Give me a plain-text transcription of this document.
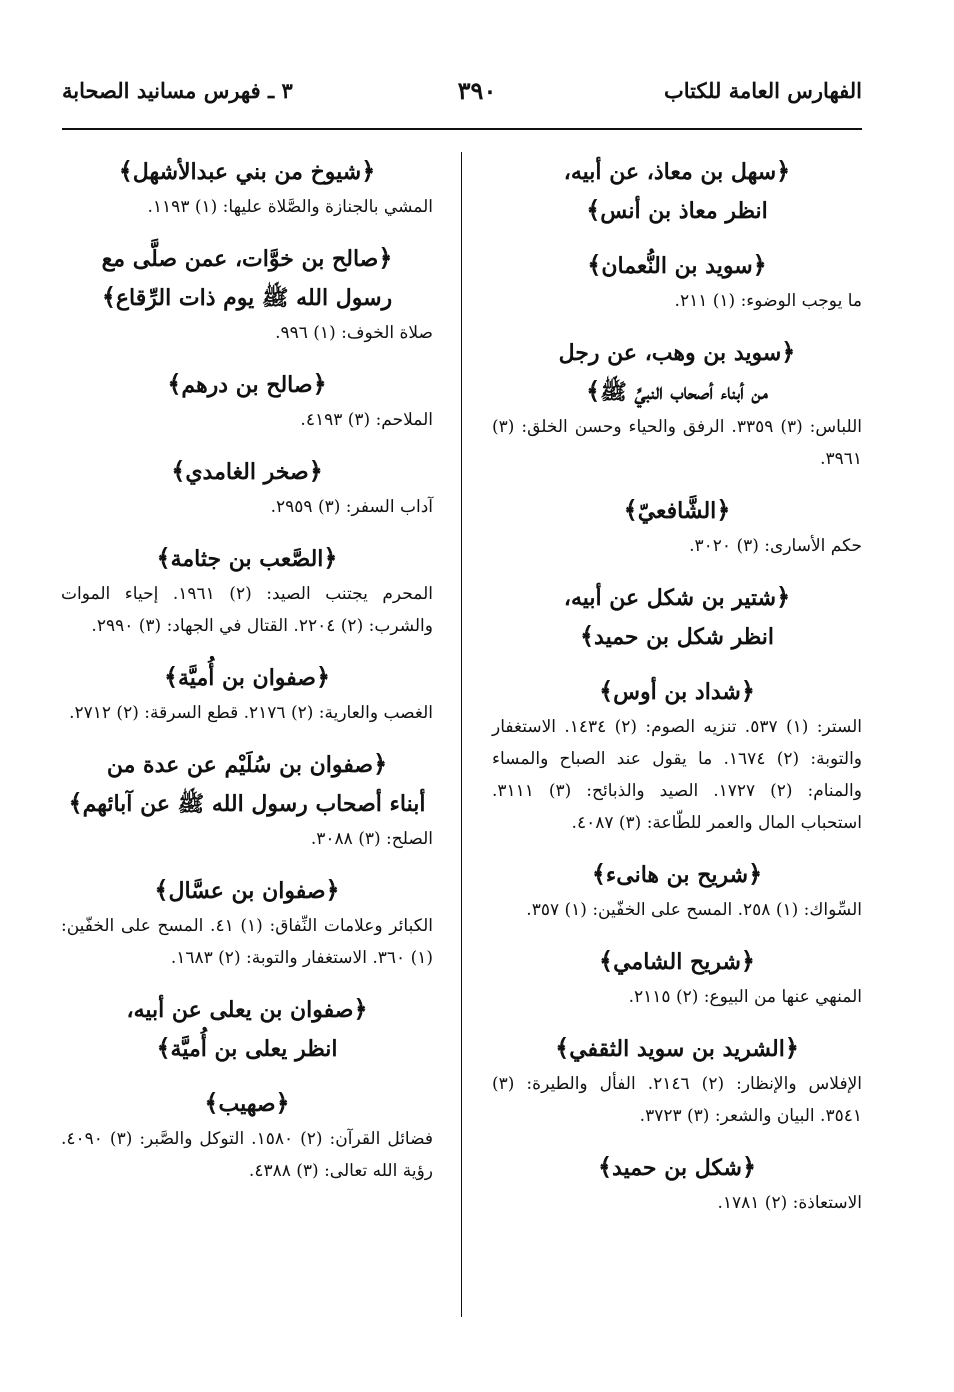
الفهارس العامة للكتاب
٣٩٠
٣ ـ فهرس مسانيد الصحابة
﴿سهل بن معاذ، عن أبيه،
انظر معاذ بن أنس﴾
﴿سويد بن النُّعمان﴾
ما يوجب الوضوء: (١) ٢١١.
﴿سويد بن وهب، عن رجل
من أبناء أصحاب النبيِّ ﷺ﴾
اللباس: (٣) ٣٣٥٩. الرفق والحياء وحسن الخلق: (٣) ٣٩٦١.
﴿الشَّافعيّ﴾
حكم الأسارى: (٣) ٣٠٢٠.
﴿شتير بن شكل عن أبيه،
انظر شكل بن حميد﴾
﴿شداد بن أوس﴾
الستر: (١) ٥٣٧. تنزيه الصوم: (٢) ١٤٣٤. الاستغفار والتوبة: (٢) ١٦٧٤. ما يقول عند الصباح والمساء والمنام: (٢) ١٧٢٧. الصيد والذبائح: (٣) ٣١١١. استحباب المال والعمر للطّاعة: (٣) ٤٠٨٧.
﴿شريح بن هانىء﴾
السِّواك: (١) ٢٥٨. المسح على الخفّين: (١) ٣٥٧.
﴿شريح الشامي﴾
المنهي عنها من البيوع: (٢) ٢١١٥.
﴿الشريد بن سويد الثقفي﴾
الإفلاس والإنظار: (٢) ٢١٤٦. الفأل والطيرة: (٣) ٣٥٤١. البيان والشعر: (٣) ٣٧٢٣.
﴿شكل بن حميد﴾
الاستعاذة: (٢) ١٧٨١.
﴿شيوخ من بني عبدالأشهل﴾
المشي بالجنازة والصَّلاة عليها: (١) ١١٩٣.
﴿صالح بن خوَّات، عمن صلَّى مع
رسول الله ﷺ يوم ذات الرِّقاع﴾
صلاة الخوف: (١) ٩٩٦.
﴿صالح بن درهم﴾
الملاحم: (٣) ٤١٩٣.
﴿صخر الغامدي﴾
آداب السفر: (٣) ٢٩٥٩.
﴿الصَّعب بن جثامة﴾
المحرم يجتنب الصيد: (٢) ١٩٦١. إحياء الموات والشرب: (٢) ٢٢٠٤. القتال في الجهاد: (٣) ٢٩٩٠.
﴿صفوان بن أُميَّة﴾
الغصب والعارية: (٢) ٢١٧٦. قطع السرقة: (٢) ٢٧١٢.
﴿صفوان بن سُلَيْم عن عدة من
أبناء أصحاب رسول الله ﷺ عن آبائهم﴾
الصلح: (٣) ٣٠٨٨.
﴿صفوان بن عسَّال﴾
الكبائر وعلامات النِّفاق: (١) ٤١. المسح على الخفّين: (١) ٣٦٠. الاستغفار والتوبة: (٢) ١٦٨٣.
﴿صفوان بن يعلى عن أبيه،
انظر يعلى بن أُميَّة﴾
﴿صهيب﴾
فضائل القرآن: (٢) ١٥٨٠. التوكل والصَّبر: (٣) ٤٠٩٠. رؤية الله تعالى: (٣) ٤٣٨٨.
